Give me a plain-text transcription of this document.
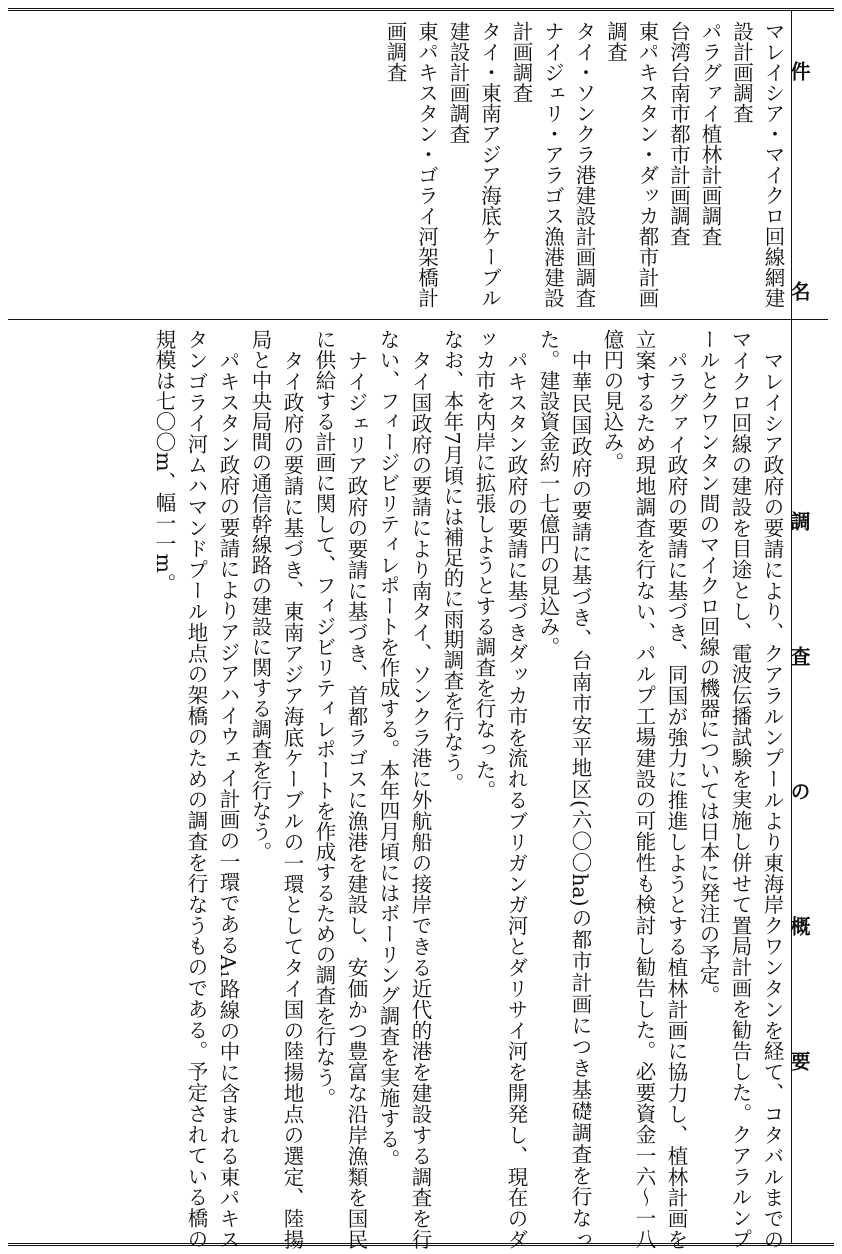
件名
調査の概要
マレイシア・マイクロ回線網建設計画調査
パラグァイ植林計画調査
台湾台南市都市計画調査
東パキスタン・ダッカ都市計画調査
タイ・ソンクラ港建設計画調査
ナイジェリ・アラゴス漁港建設計画調査
タイ・東南アジア海底ケーブル建設計画調査
東パキスタン・ゴライ河架橋計画調査

マレイシア政府の要請により、クアラルンプールより東海岸クワンタンを経て、コタバルまでのマイクロ回線の建設を目途とし、電波伝播試験を実施し併せて置局計画を勧告した。クアラルンプールとクワンタン間のマイクロ回線の機器については日本に発注の予定。

パラグァイ政府の要請に基づき、同国が強力に推進しようとする植林計画に協力し、植林計画を立案するため現地調査を行ない、パルプ工場建設の可能性も検討し勧告した。必要資金一六～一八億円の見込み。

中華民国政府の要請に基づき、台南市安平地区(六〇〇ha)の都市計画につき基礎調査を行なった。建設資金約一七億円の見込み。

パキスタン政府の要請に基づきダッカ市を流れるブリガンガ河とダリサイ河を開発し、現在のダッカ市を内岸に拡張しようとする調査を行なった。

なお、本年7月頃には補足的に雨期調査を行なう。

タイ国政府の要請により南タイ、ソンクラ港に外航船の接岸できる近代的港を建設する調査を行ない、フィージビリティレポートを作成する。本年四月頃にはボーリング調査を実施する。

ナイジェリア政府の要請に基づき、首都ラゴスに漁港を建設し、安価かつ豊富な沿岸漁類を国民に供給する計画に関して、フィジビリティレポートを作成するための調査を行なう。

タイ政府の要請に基づき、東南アジア海底ケーブルの一環としてタイ国の陸揚地点の選定、陸揚局と中央局間の通信幹線路の建設に関する調査を行なう。

パキスタン政府の要請によりアジアハイウェイ計画の一環であるA₁路線の中に含まれる東パキスタンゴライ河ムハマンドプール地点の架橋のための調査を行なうものである。予定されている橋の規模は七〇〇m、幅一一m。
